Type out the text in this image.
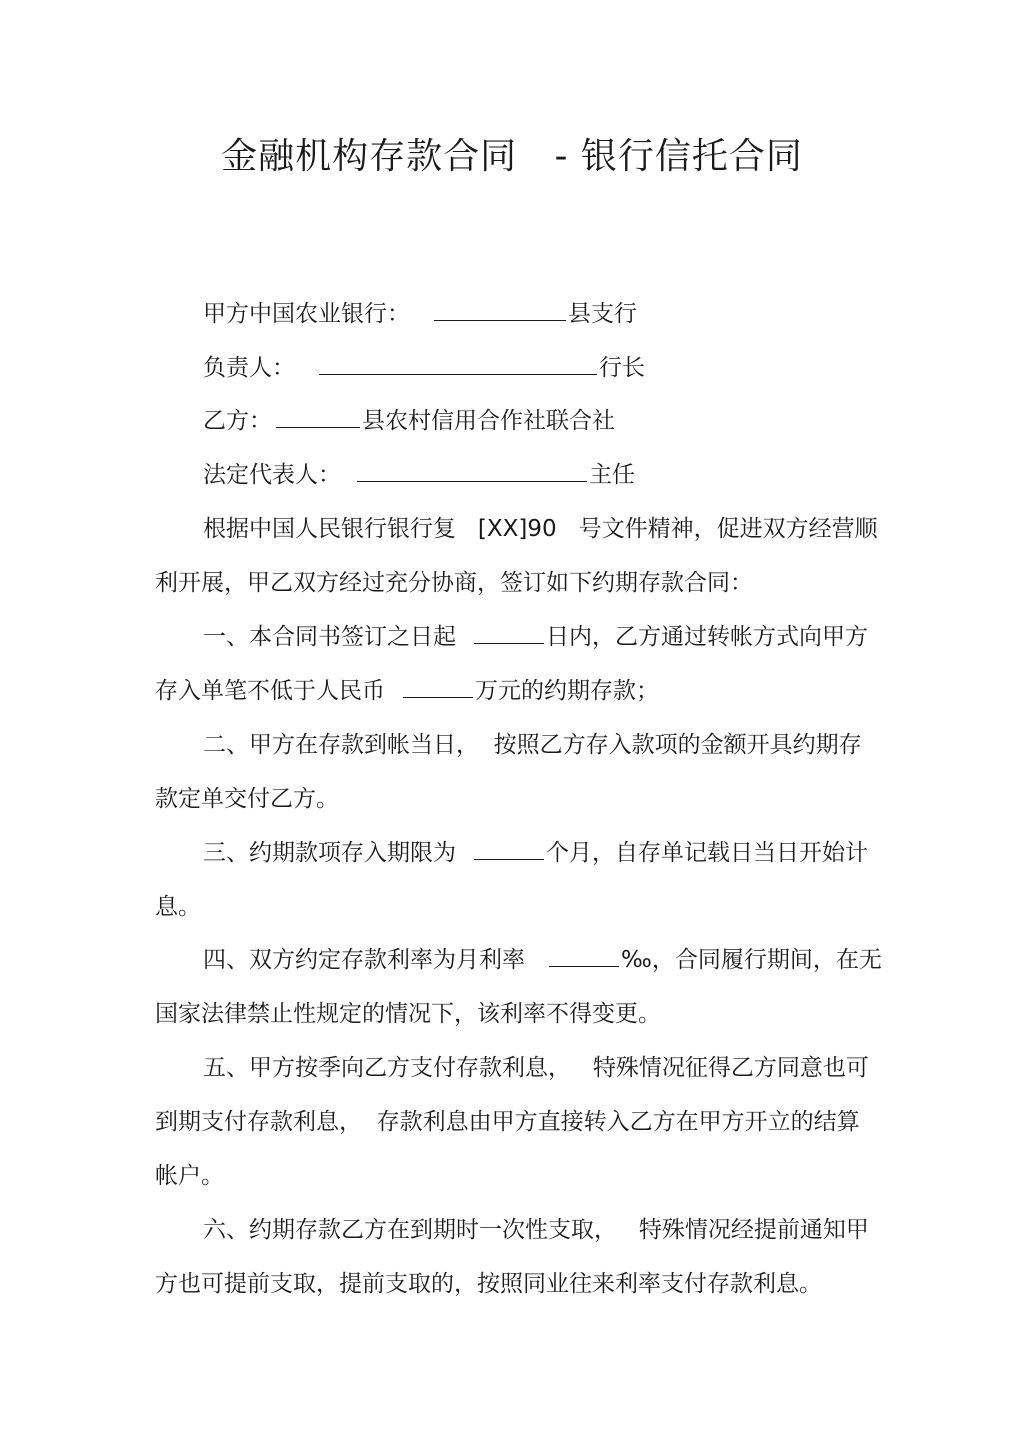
金融机构存款合同   - 银行信托合同
甲方中国农业银行：	县支行
负责人：	行长
乙方：	县农村信用合作社联合社
法定代表人：	主任
根据中国人民银行银行复   [XX]90   号文件精神，促进双方经营顺
利开展，甲乙双方经过充分协商，签订如下约期存款合同：
一、本合同书签订之日起	日内，乙方通过转帐方式向甲方
存入单笔不低于人民币	万元的约期存款；
二、甲方在存款到帐当日，  按照乙方存入款项的金额开具约期存
款定单交付乙方。
三、约期款项存入期限为	个月，自存单记载日当日开始计
息。
四、双方约定存款利率为月利率	‰，合同履行期间，在无
国家法律禁止性规定的情况下，该利率不得变更。
五、甲方按季向乙方支付存款利息，   特殊情况征得乙方同意也可
到期支付存款利息，  存款利息由甲方直接转入乙方在甲方开立的结算
帐户。
六、约期存款乙方在到期时一次性支取，   特殊情况经提前通知甲
方也可提前支取，提前支取的，按照同业往来利率支付存款利息。
